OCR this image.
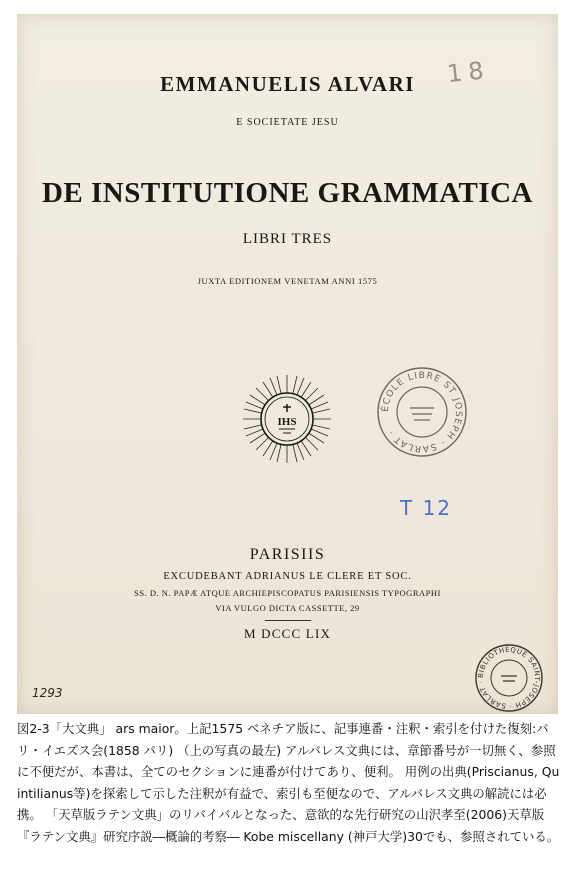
EMMANUELIS ALVARI
E SOCIETATE JESU
DE INSTITUTIONE GRAMMATICA
LIBRI TRES
JUXTA EDITIONEM VENETAM ANNI 1575
18
IHS
ÉCOLE LIBRE ST JOSEPH · SARLAT ·
T 12
PARISIIS
EXCUDEBANT ADRIANUS LE CLERE ET SOC.
SS. D. N. PAPÆ ATQUE ARCHIEPISCOPATUS PARISIENSIS TYPOGRAPHI
VIA VULGO DICTA CASSETTE, 29
M DCCC LIX
BIBLIOTHÈQUE SAINT-JOSEPH · SARLAT ·
1293

図2-3「大文典」 ars maior。上記1575 ベネチア版に、記事連番・注釈・索引を付けた復刻:パリ・イエズス会(1858 パリ) （上の写真の最左) アルバレス文典には、章節番号が一切無く、参照に不便だが、本書は、全てのセクションに連番が付けてあり、便利。 用例の出典(Priscianus, Quintilianus等)を探索して示した注釈が有益で、索引も至便なので、アルバレス文典の解読には必携。 「天草版ラテン文典」のリバイバルとなった、意欲的な先行研究の山沢孝至(2006)天草版『ラテン文典』研究序説―概論的考察― Kobe miscellany (神戸大学)30でも、参照されている。
